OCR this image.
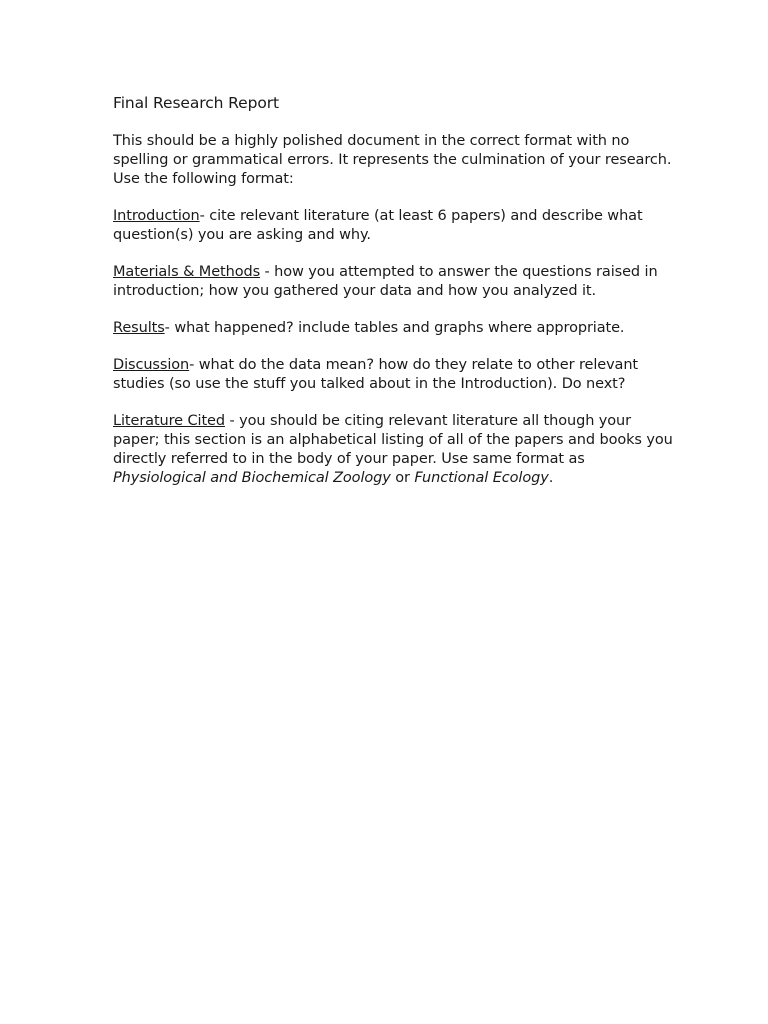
Final Research Report

This should be a highly polished document in the correct format with no spelling or grammatical errors. It represents the culmination of your research. Use the following format:

Introduction- cite relevant literature (at least 6 papers) and describe what question(s) you are asking and why.

Materials & Methods - how you attempted to answer the questions raised in introduction; how you gathered your data and how you analyzed it.

Results- what happened? include tables and graphs where appropriate.

Discussion- what do the data mean? how do they relate to other relevant studies (so use the stuff you talked about in the Introduction). Do next?

Literature Cited - you should be citing relevant literature all though your paper; this section is an alphabetical listing of all of the papers and books you directly referred to in the body of your paper. Use same format as Physiological and Biochemical Zoology or Functional Ecology.
